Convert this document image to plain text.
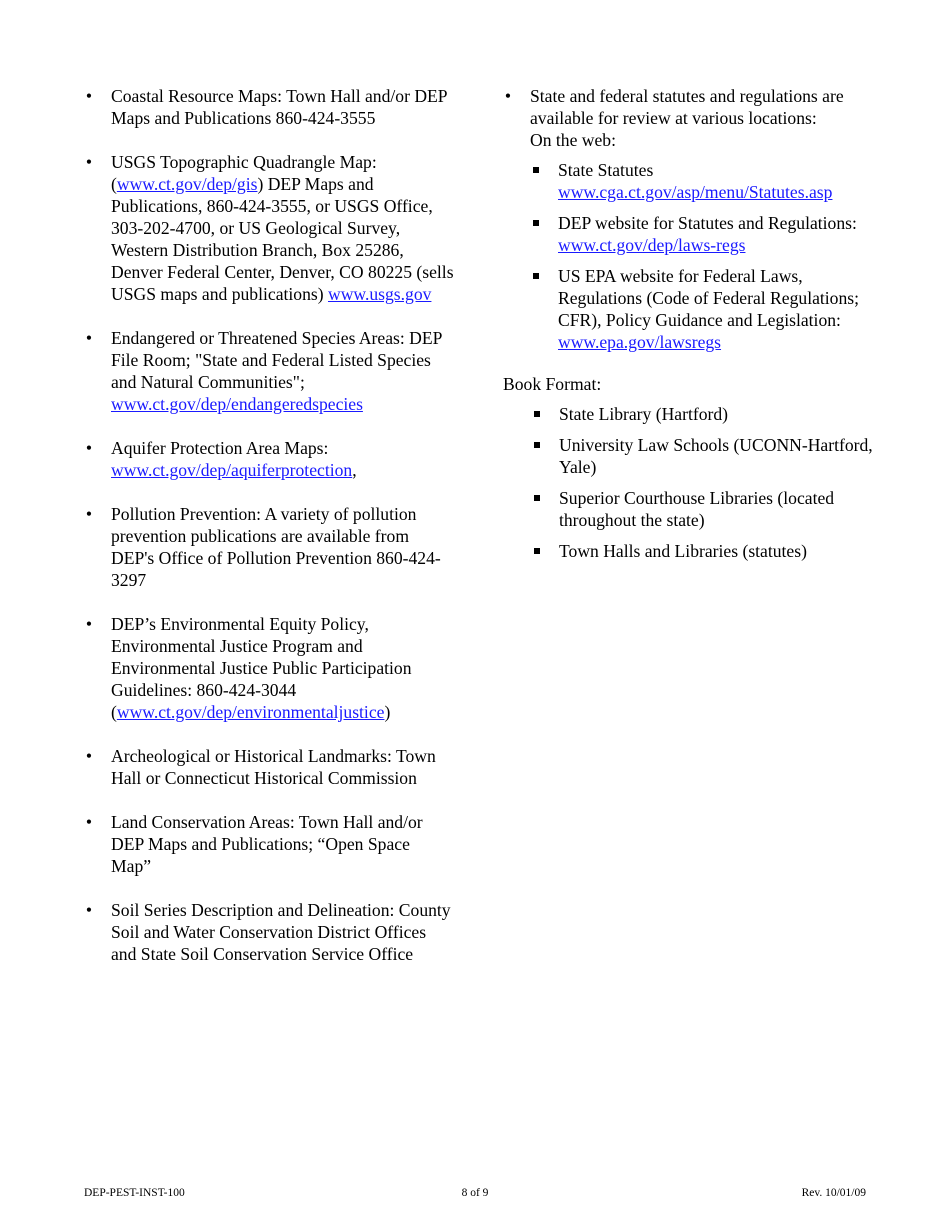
• Coastal Resource Maps: Town Hall and/or DEP Maps and Publications 860-424-3555

• USGS Topographic Quadrangle Map: (www.ct.gov/dep/gis) DEP Maps and Publications, 860-424-3555, or USGS Office, 303-202-4700, or US Geological Survey, Western Distribution Branch, Box 25286, Denver Federal Center, Denver, CO 80225 (sells USGS maps and publications) www.usgs.gov

• Endangered or Threatened Species Areas: DEP File Room; "State and Federal Listed Species and Natural Communities"; www.ct.gov/dep/endangeredspecies

• Aquifer Protection Area Maps: www.ct.gov/dep/aquiferprotection,

• Pollution Prevention: A variety of pollution prevention publications are available from DEP's Office of Pollution Prevention 860-424-3297

• DEP’s Environmental Equity Policy, Environmental Justice Program and Environmental Justice Public Participation Guidelines: 860-424-3044 (www.ct.gov/dep/environmentaljustice)

• Archeological or Historical Landmarks: Town Hall or Connecticut Historical Commission

• Land Conservation Areas: Town Hall and/or DEP Maps and Publications; “Open Space Map”

• Soil Series Description and Delineation: County Soil and Water Conservation District Offices and State Soil Conservation Service Office

• State and federal statutes and regulations are available for review at various locations:

On the web:

State Statutes www.cga.ct.gov/asp/menu/Statutes.asp
DEP website for Statutes and Regulations: www.ct.gov/dep/laws-regs
US EPA website for Federal Laws, Regulations (Code of Federal Regulations; CFR), Policy Guidance and Legislation: www.epa.gov/lawsregs

Book Format:

State Library (Hartford)
University Law Schools (UCONN-Hartford, Yale)
Superior Courthouse Libraries (located throughout the state)
Town Halls and Libraries (statutes)
DEP-PEST-INST-100	8 of 9	Rev. 10/01/09
